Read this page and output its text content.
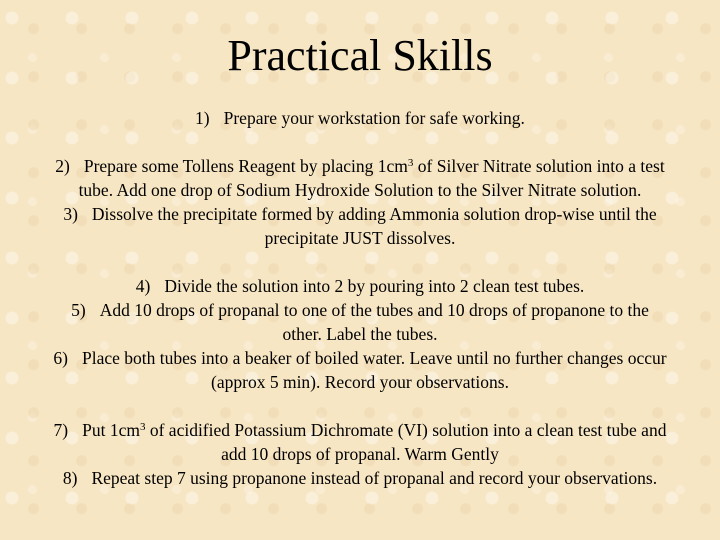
Practical Skills
1) Prepare your workstation for safe working.
2) Prepare some Tollens Reagent by placing $1cm^3$ of Silver Nitrate solution into a test
tube. Add one drop of Sodium Hydroxide Solution to the Silver Nitrate solution.
3) Dissolve the precipitate formed by adding Ammonia solution drop-wise until the
precipitate JUST dissolves.
4) Divide the solution into 2 by pouring into 2 clean test tubes.
5) Add 10 drops of propanal to one of the tubes and 10 drops of propanone to the
other. Label the tubes.
6) Place both tubes into a beaker of boiled water. Leave until no further changes occur
(approx 5 min). Record your observations.
7) Put $1cm^3$ of acidified Potassium Dichromate (VI) solution into a clean test tube and
add 10 drops of propanal. Warm Gently
8) Repeat step 7 using propanone instead of propanal and record your observations.
